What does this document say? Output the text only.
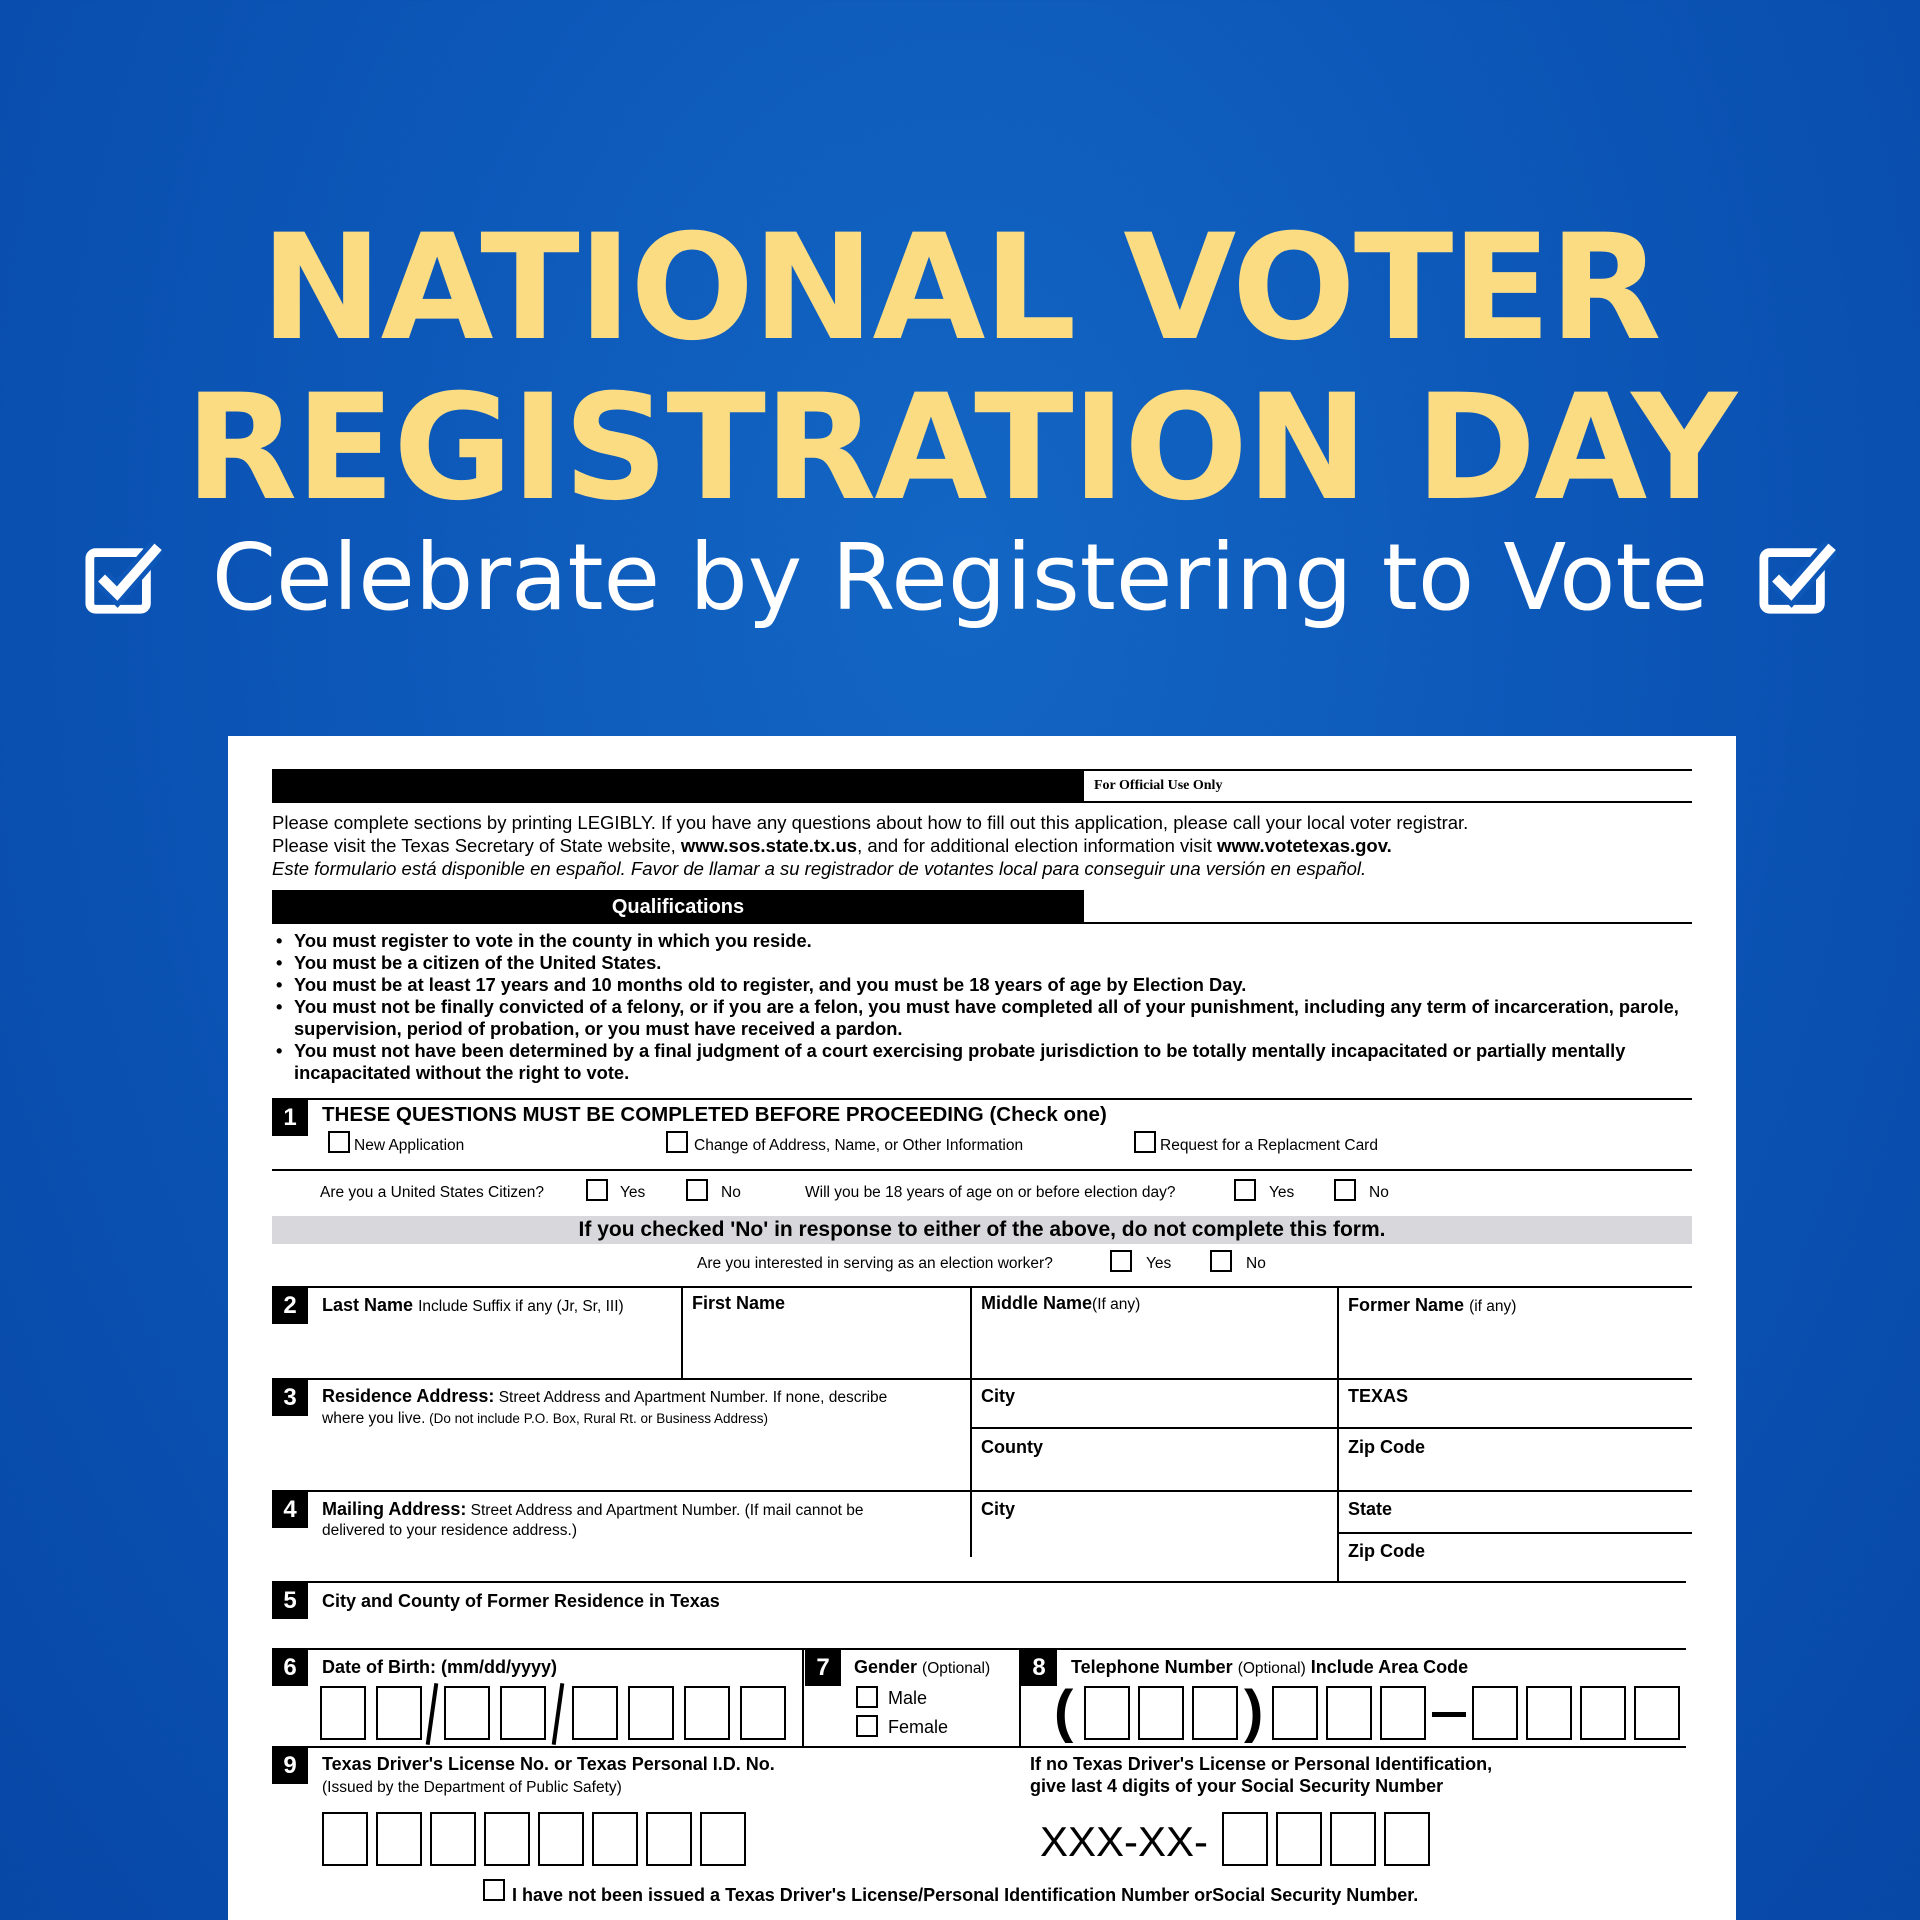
NATIONAL VOTER
REGISTRATION DAY
Celebrate by Registering to Vote
For Official Use Only
Please complete sections by printing LEGIBLY. If you have any questions about how to fill out this application, please call your local voter registrar.
Please visit the Texas Secretary of State website, www.sos.state.tx.us, and for additional election information visit www.votetexas.gov.
Este formulario está disponible en español. Favor de llamar a su registrador de votantes local para conseguir una versión en español.
Qualifications
• You must register to vote in the county in which you reside.
• You must be a citizen of the United States.
• You must be at least 17 years and 10 months old to register, and you must be 18 years of age by Election Day.
• You must not be finally convicted of a felony, or if you are a felon, you must have completed all of your punishment, including any term of incarceration, parole, supervision, period of probation, or you must have received a pardon.
• You must not have been determined by a final judgment of a court exercising probate jurisdiction to be totally mentally incapacitated or partially mentally incapacitated without the right to vote.
1	THESE QUESTIONS MUST BE COMPLETED BEFORE PROCEEDING (Check one)
New Application	Change of Address, Name, or Other Information	Request for a Replacment Card
Are you a United States Citizen?	Yes	No	Will you be 18 years of age on or before election day?	Yes	No
If you checked 'No' in response to either of the above, do not complete this form.
Are you interested in serving as an election worker?	Yes	No
2	Last Name Include Suffix if any (Jr, Sr, III)	First Name	Middle Name(If any)	Former Name (if any)
3	Residence Address: Street Address and Apartment Number. If none, describe
where you live. (Do not include P.O. Box, Rural Rt. or Business Address)
City	TEXAS
County	Zip Code
4	Mailing Address: Street Address and Apartment Number. (If mail cannot be
delivered to your residence address.)
City	State
Zip Code
5	City and County of Former Residence in Texas
6	Date of Birth: (mm/dd/yyyy)	7	Gender (Optional)
Male
Female
8	Telephone Number (Optional) Include Area Code
(	)
9	Texas Driver's License No. or Texas Personal I.D. No.
(Issued by the Department of Public Safety)
If no Texas Driver's License or Personal Identification,
give last 4 digits of your Social Security Number
XXX-XX-
I have not been issued a Texas Driver's License/Personal Identification Number orSocial Security Number.
